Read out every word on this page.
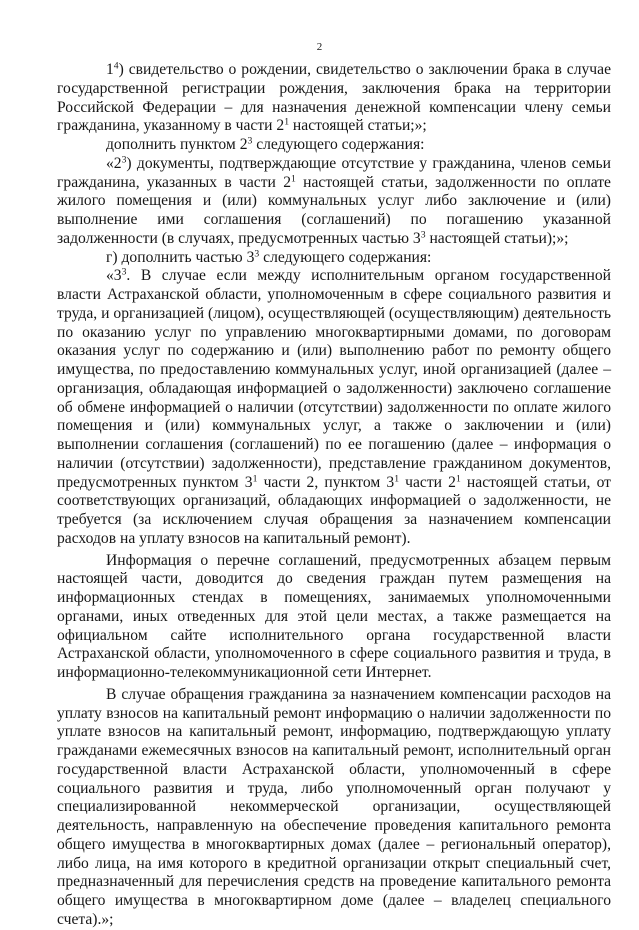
2

$1^4$) свидетельство о рождении, свидетельство о заключении брака в случае государственной регистрации рождения, заключения брака на территории Российской Федерации – для назначения денежной компенсации члену семьи гражданина, указанному в части $2^1$ настоящей статьи;»;

дополнить пунктом $2^3$ следующего содержания:

«$2^3$) документы, подтверждающие отсутствие у гражданина, членов семьи гражданина, указанных в части $2^1$ настоящей статьи, задолженности по оплате жилого помещения и (или) коммунальных услуг либо заключение и (или) выполнение ими соглашения (соглашений) по погашению указанной задолженности (в случаях, предусмотренных частью $3^3$ настоящей статьи);»;

г) дополнить частью $3^3$ следующего содержания:

«$3^3$. В случае если между исполнительным органом государственной власти Астраханской области, уполномоченным в сфере социального развития и труда, и организацией (лицом), осуществляющей (осуществляющим) деятельность по оказанию услуг по управлению многоквартирными домами, по договорам оказания услуг по содержанию и (или) выполнению работ по ремонту общего имущества, по предоставлению коммунальных услуг, иной организацией (далее – организация, обладающая информацией о задолженности) заключено соглашение об обмене информацией о наличии (отсутствии) задолженности по оплате жилого помещения и (или) коммунальных услуг, а также о заключении и (или) выполнении соглашения (соглашений) по ее погашению (далее – информация о наличии (отсутствии) задолженности), представление гражданином документов, предусмотренных пунктом $3^1$ части 2, пунктом $3^1$ части $2^1$ настоящей статьи, от соответствующих организаций, обладающих информацией о задолженности, не требуется (за исключением случая обращения за назначением компенсации расходов на уплату взносов на капитальный ремонт).

Информация о перечне соглашений, предусмотренных абзацем первым настоящей части, доводится до сведения граждан путем размещения на информационных стендах в помещениях, занимаемых уполномоченными органами, иных отведенных для этой цели местах, а также размещается на официальном сайте исполнительного органа государственной власти Астраханской области, уполномоченного в сфере социального развития и труда, в информационно-телекоммуникационной сети Интернет.

В случае обращения гражданина за назначением компенсации расходов на уплату взносов на капитальный ремонт информацию о наличии задолженности по уплате взносов на капитальный ремонт, информацию, подтверждающую уплату гражданами ежемесячных взносов на капитальный ремонт, исполнительный орган государственной власти Астраханской области, уполномоченный в сфере социального развития и труда, либо уполномоченный орган получают у специализированной некоммерческой организации, осуществляющей деятельность, направленную на обеспечение проведения капитального ремонта общего имущества в многоквартирных домах (далее – региональный оператор), либо лица, на имя которого в кредитной организации открыт специальный счет, предназначенный для перечисления средств на проведение капитального ремонта общего имущества в многоквартирном доме (далее – владелец специального счета).»;
